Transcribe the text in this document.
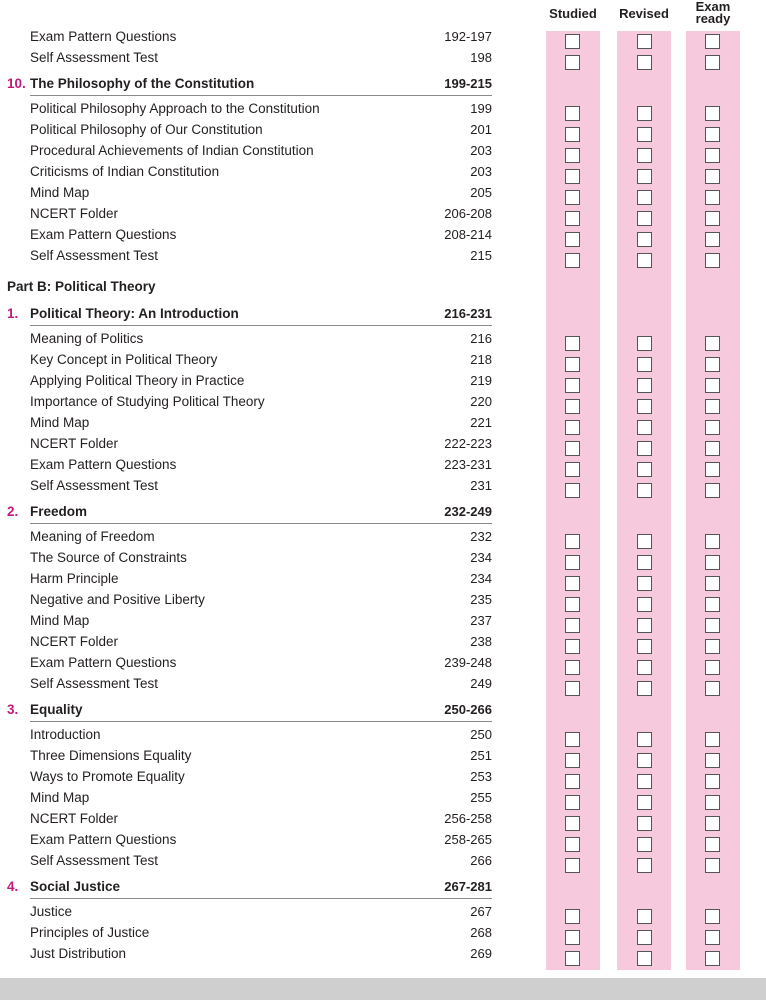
Studied	Revised	Exam
ready
Exam Pattern Questions	192-197
Self Assessment Test	198
10. The Philosophy of the Constitution	199-215
Political Philosophy Approach to the Constitution	199
Political Philosophy of Our Constitution	201
Procedural Achievements of Indian Constitution	203
Criticisms of Indian Constitution	203
Mind Map	205
NCERT Folder	206-208
Exam Pattern Questions	208-214
Self Assessment Test	215
Part B: Political Theory
1. Political Theory: An Introduction	216-231
Meaning of Politics	216
Key Concept in Political Theory	218
Applying Political Theory in Practice	219
Importance of Studying Political Theory	220
Mind Map	221
NCERT Folder	222-223
Exam Pattern Questions	223-231
Self Assessment Test	231
2. Freedom	232-249
Meaning of Freedom	232
The Source of Constraints	234
Harm Principle	234
Negative and Positive Liberty	235
Mind Map	237
NCERT Folder	238
Exam Pattern Questions	239-248
Self Assessment Test	249
3. Equality	250-266
Introduction	250
Three Dimensions Equality	251
Ways to Promote Equality	253
Mind Map	255
NCERT Folder	256-258
Exam Pattern Questions	258-265
Self Assessment Test	266
4. Social Justice	267-281
Justice	267
Principles of Justice	268
Just Distribution	269
